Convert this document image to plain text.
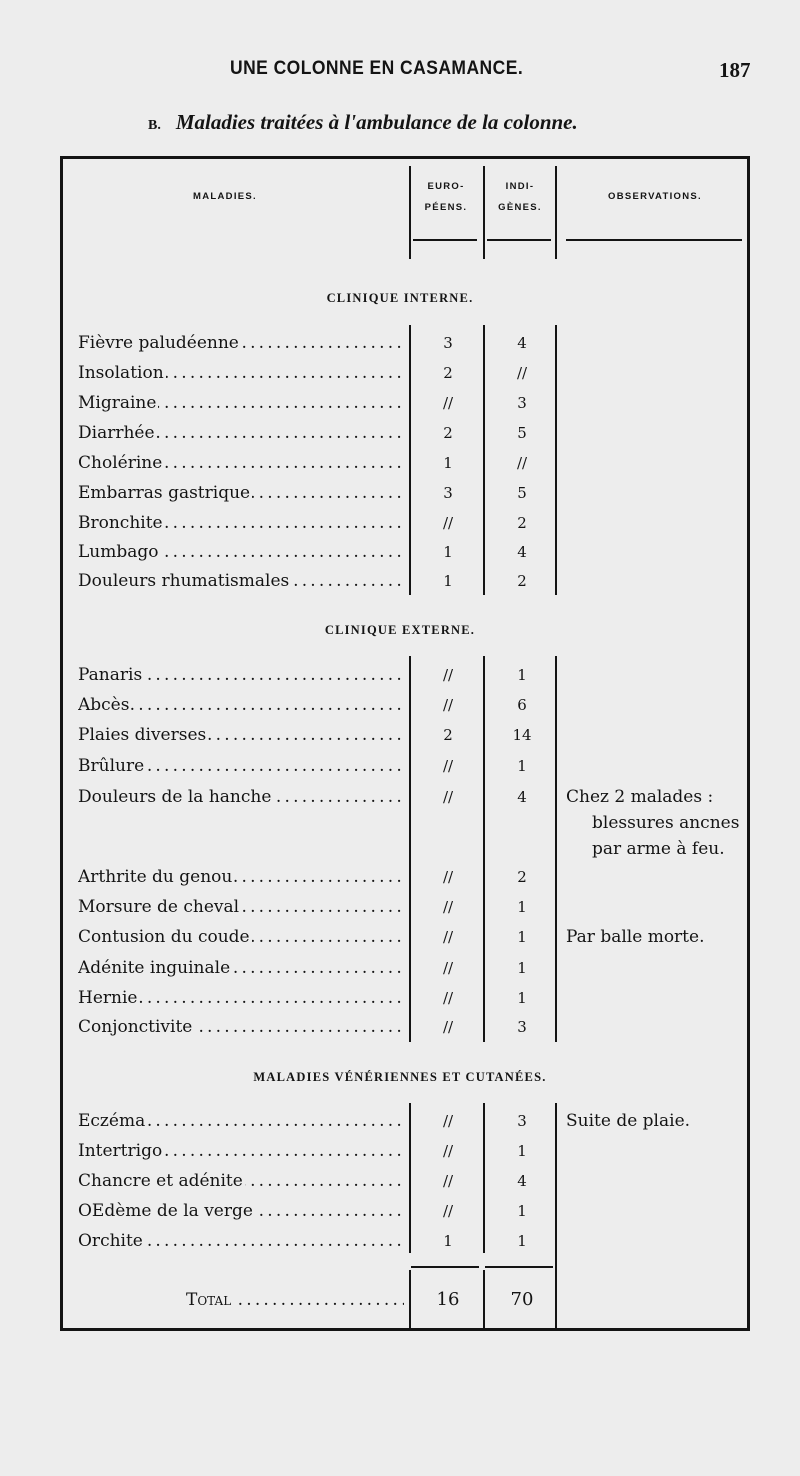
UNE COLONNE EN CASAMANCE.	187
B. Maladies traitées à l'ambulance de la colonne.
MALADIES.
EURO-
PÉENS.
INDI-
GÈNES.
OBSERVATIONS.
CLINIQUE INTERNE.
Fièvre paludéenne .....	3	4
Insolation .....	2	//
Migraine .....	//	3
Diarrhée .....	2	5
Cholérine .....	1	//
Embarras gastrique .....	3	5
Bronchite .....	//	2
Lumbago .....	1	4
Douleurs rhumatismales .....	1	2
CLINIQUE EXTERNE.
Panaris .....	//	1
Abcès .....	//	6
Plaies diverses .....	2	14
Brûlure .....	//	1
Douleurs de la hanche .....	//	4	Chez 2 malades :
blessures ancnes
par arme à feu.
Arthrite du genou .....	//	2
Morsure de cheval .....	//	1
Contusion du coude .....	//	1	Par balle morte.
Adénite inguinale .....	//	1
Hernie .....	//	1
Conjonctivite .....	//	3
MALADIES VÉNÉRIENNES ET CUTANÉES.
Eczéma .....	//	3	Suite de plaie.
Intertrigo .....	//	1
Chancre et adénite .....	//	4
OEdème de la verge .....	//	1
Orchite .....	1	1
Total .....	16	70
